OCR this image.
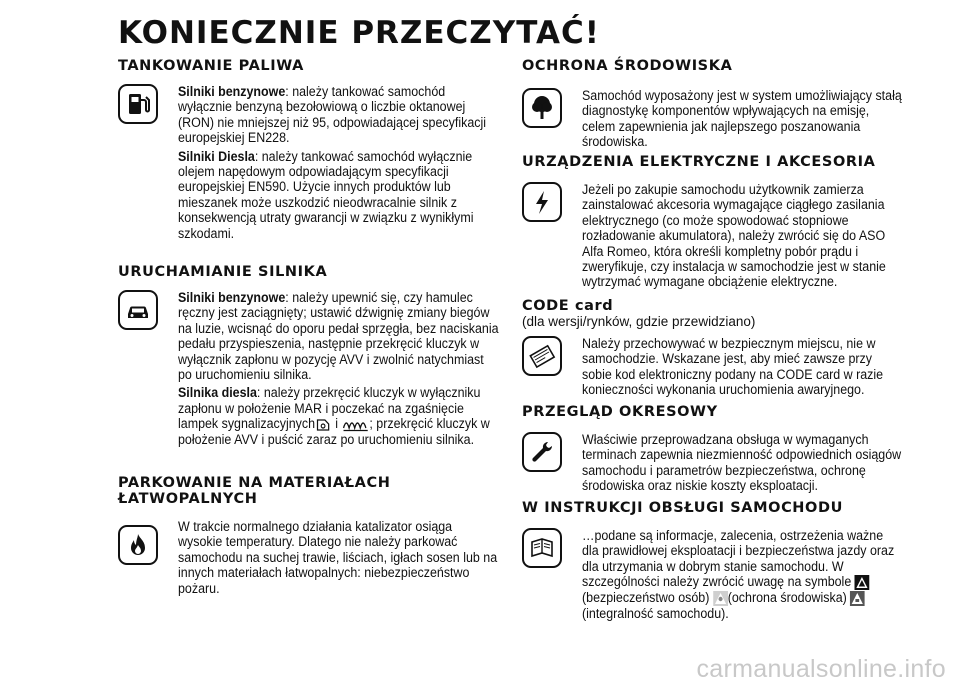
KONIECZNIE PRZECZYTAĆ!
TANKOWANIE PALIWA

Silniki benzynowe: należy tankować samochód wyłącznie benzyną bezołowiową o liczbie oktanowej (RON) nie mniejszej niż 95, odpowiadającej specyfikacji europejskiej EN228.

Silniki Diesla: należy tankować samochód wyłącznie olejem napędowym odpowiadającym specyfikacji europejskiej EN590. Użycie innych produktów lub mieszanek może uszkodzić nieodwracalnie silnik z konsekwencją utraty gwarancji w związku z wynikłymi szkodami.

URUCHAMIANIE SILNIKA

Silniki benzynowe: należy upewnić się, czy hamulec ręczny jest zaciągnięty; ustawić dźwignię zmiany biegów na luzie, wcisnąć do oporu pedał sprzęgła, bez naciskania pedału przyspieszenia, następnie przekręcić kluczyk w wyłącznik zapłonu w pozycję AVV i zwolnić natychmiast po uruchomieniu silnika.

Silnika diesla: należy przekręcić kluczyk w wyłączniku zapłonu w położenie MAR i poczekać na zgaśnięcie lampek sygnalizacyjnych i ; przekręcić kluczyk w położenie AVV i puścić zaraz po uruchomieniu silnika.

PARKOWANIE NA MATERIAŁACH ŁATWOPALNYCH

W trakcie normalnego działania katalizator osiąga wysokie temperatury. Dlatego nie należy parkować samochodu na suchej trawie, liściach, igłach sosen lub na innych materiałach łatwopalnych: niebezpieczeństwo pożaru.

OCHRONA ŚRODOWISKA

Samochód wyposażony jest w system umożliwiający stałą diagnostykę komponentów wpływających na emisję, celem zapewnienia jak najlepszego poszanowania środowiska.

URZĄDZENIA ELEKTRYCZNE I AKCESORIA

Jeżeli po zakupie samochodu użytkownik zamierza zainstalować akcesoria wymagające ciągłego zasilania elektrycznego (co może spowodować stopniowe rozładowanie akumulatora), należy zwrócić się do ASO Alfa Romeo, która określi kompletny pobór prądu i zweryfikuje, czy instalacja w samochodzie jest w stanie wytrzymać wymagane obciążenie elektryczne.

CODE card

(dla wersji/rynków, gdzie przewidziano)

Należy przechowywać w bezpiecznym miejscu, nie w samochodzie. Wskazane jest, aby mieć zawsze przy sobie kod elektroniczny podany na CODE card w razie konieczności wykonania uruchomienia awaryjnego.

PRZEGLĄD OKRESOWY

Właściwie przeprowadzana obsługa w wymaganych terminach zapewnia niezmienność odpowiednich osiągów samochodu i parametrów bezpieczeństwa, ochronę środowiska oraz niskie koszty eksploatacji.

W INSTRUKCJI OBSŁUGI SAMOCHODU

…podane są informacje, zalecenia, ostrzeżenia ważne dla prawidłowej eksploatacji i bezpieczeństwa jazdy oraz dla utrzymania w dobrym stanie samochodu. W szczególności należy zwrócić uwagę na symbole (bezpieczeństwo osób) (ochrona środowiska) (integralność samochodu).

carmanualsonline.info
